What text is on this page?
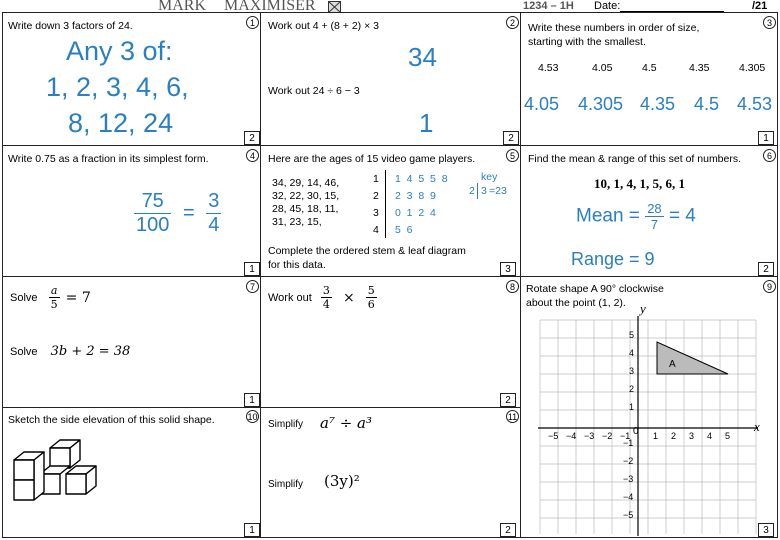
MARK MAXIMISER	1234 – 1H Date:	/21
Write down 3 factors of 24.	1
Any 3 of:
1, 2, 3, 4, 6,
8, 12, 24
2
Work out 4 + (8 + 2) × 3	2
34
Work out 24 ÷ 6 − 3
1
2
Write these numbers in order of size,
starting with the smallest.
3
4.53	4.05	4.5	4.35	4.305
4.05 4.305 4.35 4.5 4.53
1
Write 0.75 as a fraction in its simplest form.	4
$\frac{75}{100} = \frac{3}{4}$
1
Here are the ages of 15 video game players.	5
34, 29, 14, 46,
32, 22, 30, 15,
28, 45, 18, 11,
31, 23, 15,
1
2
3
4
1  4  5  5  8
2  3  8  9
0  1  2  4
5  6
key
2 3 =23
Complete the ordered stem & leaf diagram
for this data.	3
Find the mean & range of this set of numbers.	6
10, 1, 4, 1, 5, 6, 1
Mean = $\frac{28}{7} = 4$
Range = 9
2
7
Solve $\frac{a}{5} = 7$
Solve 3b + 2 = 38
1
8
Work out $\frac{3}{4} \times \frac{5}{6}$
2
Rotate shape A 90° clockwise
about the point (1, 2).
9
−5 −4 −3 −2 −1	1 2 3 4 5
5
4
3
2
1
−1
−2
−3
−4
−5
A
x
y
0
3
Sketch the side elevation of this solid shape.	10
1
11
Simplify a⁷ ÷ a³
Simplify (3y)²
2
